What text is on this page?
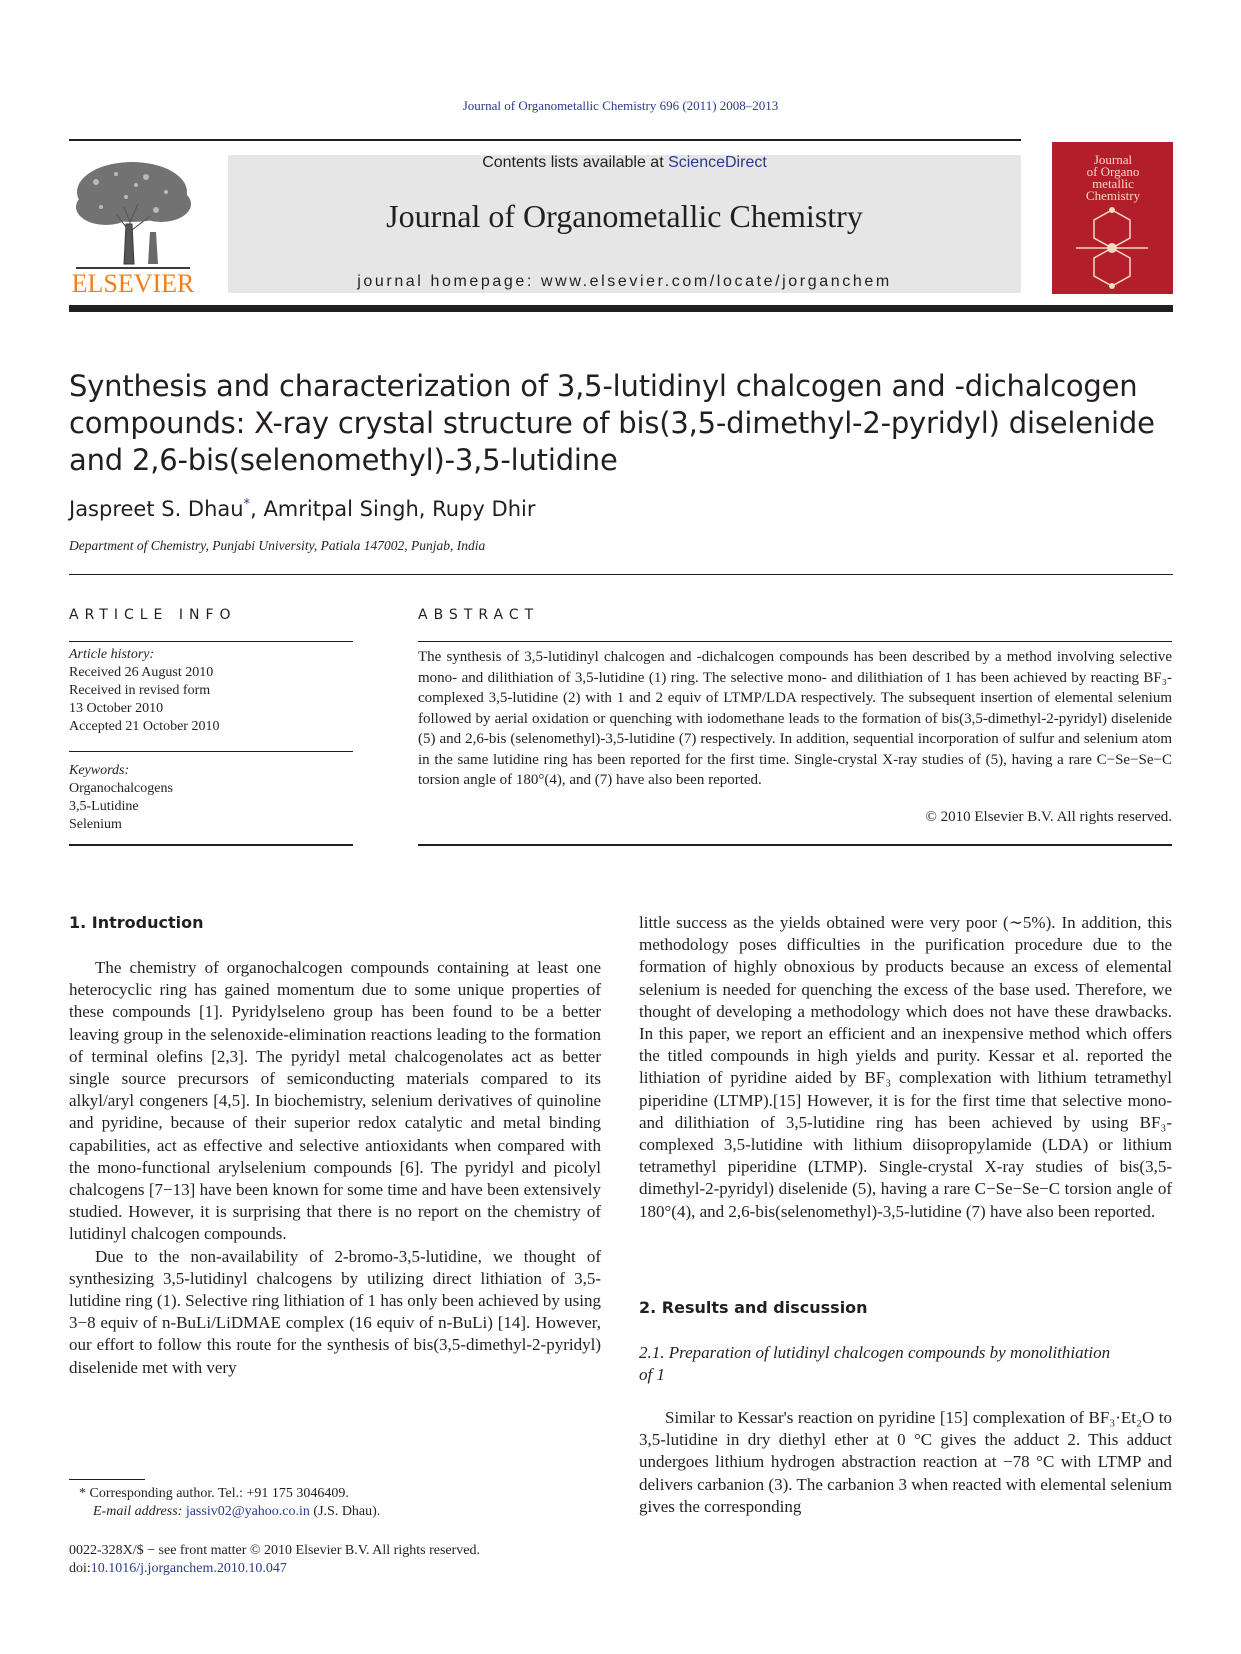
Journal of Organometallic Chemistry 696 (2011) 2008–2013
ELSEVIER
Contents lists available at ScienceDirect
Journal of Organometallic Chemistry
journal homepage: www.elsevier.com/locate/jorganchem
Journal
of Organo
metallic
Chemistry
Synthesis and characterization of 3,5-lutidinyl chalcogen and -dichalcogen compounds: X-ray crystal structure of bis(3,5-dimethyl-2-pyridyl) diselenide and 2,6-bis(selenomethyl)-3,5-lutidine
Jaspreet S. Dhau*, Amritpal Singh, Rupy Dhir
Department of Chemistry, Punjabi University, Patiala 147002, Punjab, India
ARTICLE INFO	ABSTRACT
Article history:
Received 26 August 2010
Received in revised form
13 October 2010
Accepted 21 October 2010
Keywords:
Organochalcogens
3,5-Lutidine
Selenium
The synthesis of 3,5-lutidinyl chalcogen and -dichalcogen compounds has been described by a method involving selective mono- and dilithiation of 3,5-lutidine (1) ring. The selective mono- and dilithiation of 1 has been achieved by reacting BF₃-complexed 3,5-lutidine (2) with 1 and 2 equiv of LTMP/LDA respectively. The subsequent insertion of elemental selenium followed by aerial oxidation or quenching with iodomethane leads to the formation of bis(3,5-dimethyl-2-pyridyl) diselenide (5) and 2,6-bis (selenomethyl)-3,5-lutidine (7) respectively. In addition, sequential incorporation of sulfur and selenium atom in the same lutidine ring has been reported for the first time. Single-crystal X-ray studies of (5), having a rare C−Se−Se−C torsion angle of 180°(4), and (7) have also been reported.
© 2010 Elsevier B.V. All rights reserved.
1. Introduction

The chemistry of organochalcogen compounds containing at least one heterocyclic ring has gained momentum due to some unique properties of these compounds [1]. Pyridylseleno group has been found to be a better leaving group in the selenoxide-elimination reactions leading to the formation of terminal olefins [2,3]. The pyridyl metal chalcogenolates act as better single source precursors of semiconducting materials compared to its alkyl/aryl congeners [4,5]. In biochemistry, selenium derivatives of quinoline and pyridine, because of their superior redox catalytic and metal binding capabilities, act as effective and selective antioxidants when compared with the mono-functional arylselenium compounds [6]. The pyridyl and picolyl chalcogens [7−13] have been known for some time and have been extensively studied. However, it is surprising that there is no report on the chemistry of lutidinyl chalcogen compounds.

Due to the non-availability of 2-bromo-3,5-lutidine, we thought of synthesizing 3,5-lutidinyl chalcogens by utilizing direct lithiation of 3,5-lutidine ring (1). Selective ring lithiation of 1 has only been achieved by using 3−8 equiv of n-BuLi/LiDMAE complex (16 equiv of n-BuLi) [14]. However, our effort to follow this route for the synthesis of bis(3,5-dimethyl-2-pyridyl) diselenide met with very

little success as the yields obtained were very poor (∼5%). In addition, this methodology poses difficulties in the purification procedure due to the formation of highly obnoxious by products because an excess of elemental selenium is needed for quenching the excess of the base used. Therefore, we thought of developing a methodology which does not have these drawbacks. In this paper, we report an efficient and an inexpensive method which offers the titled compounds in high yields and purity. Kessar et al. reported the lithiation of pyridine aided by BF₃ complexation with lithium tetramethyl piperidine (LTMP).[15] However, it is for the first time that selective mono- and dilithiation of 3,5-lutidine ring has been achieved by using BF₃-complexed 3,5-lutidine with lithium diisopropylamide (LDA) or lithium tetramethyl piperidine (LTMP). Single-crystal X-ray studies of bis(3,5-dimethyl-2-pyridyl) diselenide (5), having a rare C−Se−Se−C torsion angle of 180°(4), and 2,6-bis(selenomethyl)-3,5-lutidine (7) have also been reported.

2. Results and discussion
2.1. Preparation of lutidinyl chalcogen compounds by monolithiation of 1

Similar to Kessar's reaction on pyridine [15] complexation of BF₃·Et₂O to 3,5-lutidine in dry diethyl ether at 0 °C gives the adduct 2. This adduct undergoes lithium hydrogen abstraction reaction at −78 °C with LTMP and delivers carbanion (3). The carbanion 3 when reacted with elemental selenium gives the corresponding

* Corresponding author. Tel.: +91 175 3046409.
E-mail address: jassiv02@yahoo.co.in (J.S. Dhau).
0022-328X/$ − see front matter © 2010 Elsevier B.V. All rights reserved.
doi:10.1016/j.jorganchem.2010.10.047
